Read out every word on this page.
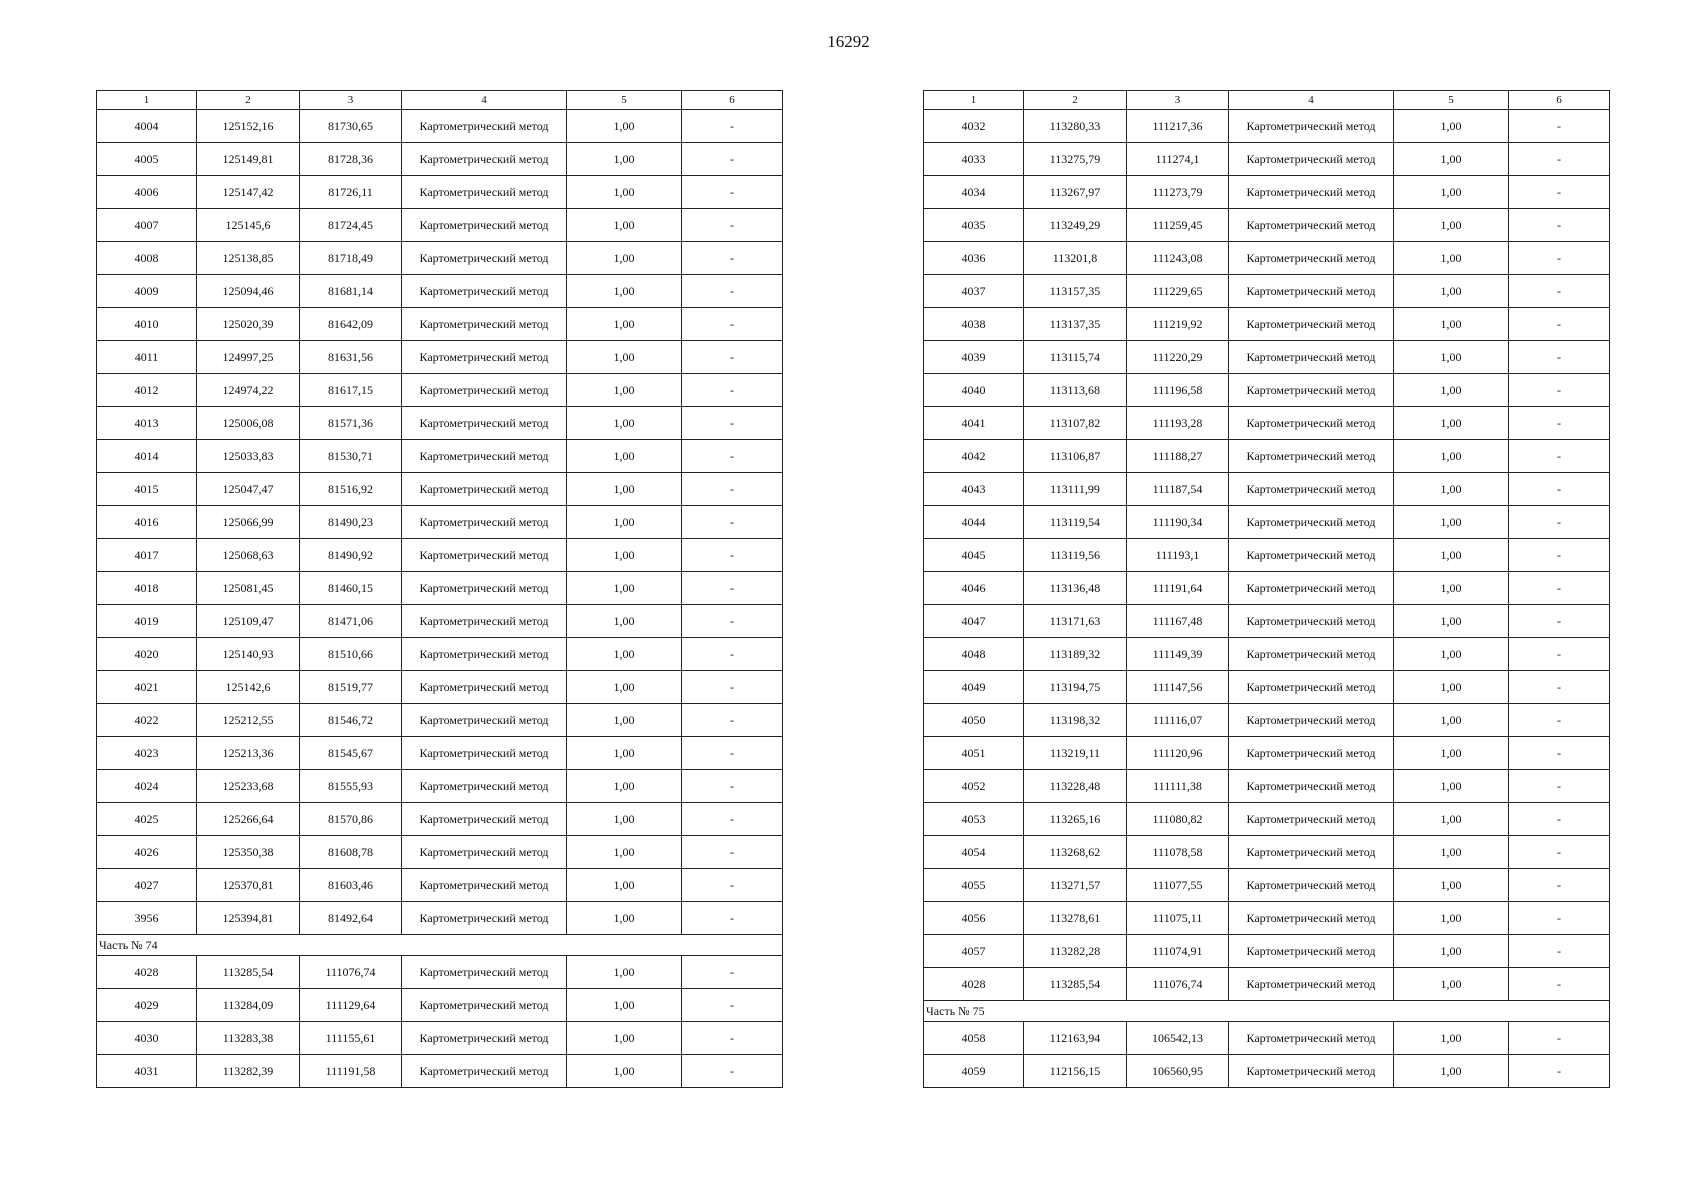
16292
1	2	3	4	5	6
4004	125152,16	81730,65	Картометрический метод	1,00	-
4005	125149,81	81728,36	Картометрический метод	1,00	-
4006	125147,42	81726,11	Картометрический метод	1,00	-
4007	125145,6	81724,45	Картометрический метод	1,00	-
4008	125138,85	81718,49	Картометрический метод	1,00	-
4009	125094,46	81681,14	Картометрический метод	1,00	-
4010	125020,39	81642,09	Картометрический метод	1,00	-
4011	124997,25	81631,56	Картометрический метод	1,00	-
4012	124974,22	81617,15	Картометрический метод	1,00	-
4013	125006,08	81571,36	Картометрический метод	1,00	-
4014	125033,83	81530,71	Картометрический метод	1,00	-
4015	125047,47	81516,92	Картометрический метод	1,00	-
4016	125066,99	81490,23	Картометрический метод	1,00	-
4017	125068,63	81490,92	Картометрический метод	1,00	-
4018	125081,45	81460,15	Картометрический метод	1,00	-
4019	125109,47	81471,06	Картометрический метод	1,00	-
4020	125140,93	81510,66	Картометрический метод	1,00	-
4021	125142,6	81519,77	Картометрический метод	1,00	-
4022	125212,55	81546,72	Картометрический метод	1,00	-
4023	125213,36	81545,67	Картометрический метод	1,00	-
4024	125233,68	81555,93	Картометрический метод	1,00	-
4025	125266,64	81570,86	Картометрический метод	1,00	-
4026	125350,38	81608,78	Картометрический метод	1,00	-
4027	125370,81	81603,46	Картометрический метод	1,00	-
3956	125394,81	81492,64	Картометрический метод	1,00	-
Часть № 74					
4028	113285,54	111076,74	Картометрический метод	1,00	-
4029	113284,09	111129,64	Картометрический метод	1,00	-
4030	113283,38	111155,61	Картометрический метод	1,00	-
4031	113282,39	111191,58	Картометрический метод	1,00	-
1	2	3	4	5	6
4032	113280,33	111217,36	Картометрический метод	1,00	-
4033	113275,79	111274,1	Картометрический метод	1,00	-
4034	113267,97	111273,79	Картометрический метод	1,00	-
4035	113249,29	111259,45	Картометрический метод	1,00	-
4036	113201,8	111243,08	Картометрический метод	1,00	-
4037	113157,35	111229,65	Картометрический метод	1,00	-
4038	113137,35	111219,92	Картометрический метод	1,00	-
4039	113115,74	111220,29	Картометрический метод	1,00	-
4040	113113,68	111196,58	Картометрический метод	1,00	-
4041	113107,82	111193,28	Картометрический метод	1,00	-
4042	113106,87	111188,27	Картометрический метод	1,00	-
4043	113111,99	111187,54	Картометрический метод	1,00	-
4044	113119,54	111190,34	Картометрический метод	1,00	-
4045	113119,56	111193,1	Картометрический метод	1,00	-
4046	113136,48	111191,64	Картометрический метод	1,00	-
4047	113171,63	111167,48	Картометрический метод	1,00	-
4048	113189,32	111149,39	Картометрический метод	1,00	-
4049	113194,75	111147,56	Картометрический метод	1,00	-
4050	113198,32	111116,07	Картометрический метод	1,00	-
4051	113219,11	111120,96	Картометрический метод	1,00	-
4052	113228,48	111111,38	Картометрический метод	1,00	-
4053	113265,16	111080,82	Картометрический метод	1,00	-
4054	113268,62	111078,58	Картометрический метод	1,00	-
4055	113271,57	111077,55	Картометрический метод	1,00	-
4056	113278,61	111075,11	Картометрический метод	1,00	-
4057	113282,28	111074,91	Картометрический метод	1,00	-
4028	113285,54	111076,74	Картометрический метод	1,00	-
Часть № 75					
4058	112163,94	106542,13	Картометрический метод	1,00	-
4059	112156,15	106560,95	Картометрический метод	1,00	-
